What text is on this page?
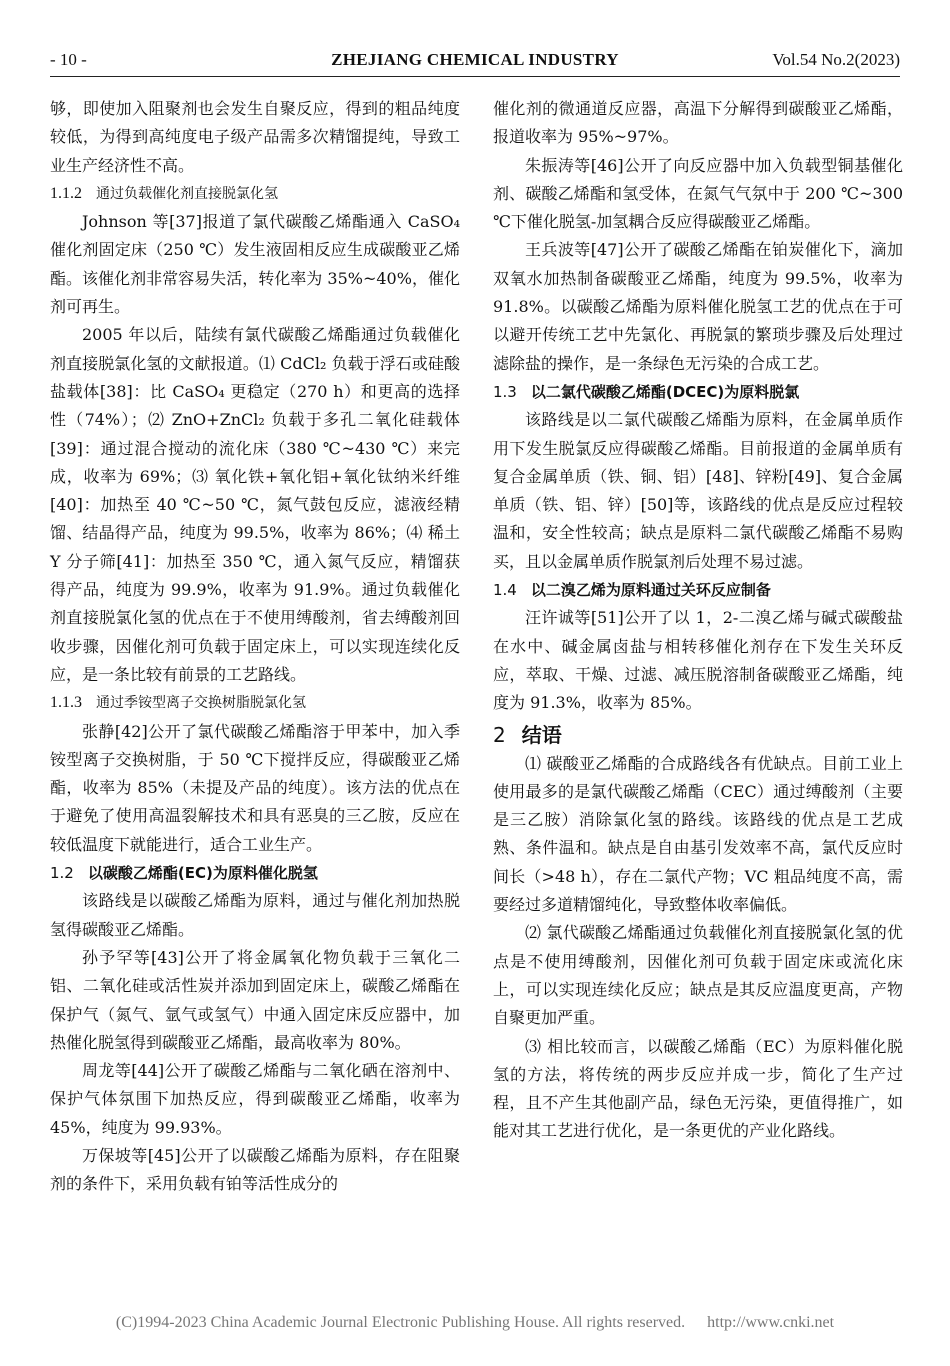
- 10 -	ZHEJIANG CHEMICAL INDUSTRY	Vol.54 No.2(2023)

够，即使加入阻聚剂也会发生自聚反应，得到的粗品纯度较低，为得到高纯度电子级产品需多次精馏提纯，导致工业生产经济性不高。

1.1.2 通过负载催化剂直接脱氯化氢

Johnson 等[37]报道了氯代碳酸乙烯酯通入 CaSO₄ 催化剂固定床（250 ℃）发生液固相反应生成碳酸亚乙烯酯。该催化剂非常容易失活，转化率为 35%~40%，催化剂可再生。

2005 年以后，陆续有氯代碳酸乙烯酯通过负载催化剂直接脱氯化氢的文献报道。⑴ CdCl₂ 负载于浮石或硅酸盐载体[38]：比 CaSO₄ 更稳定（270 h）和更高的选择性（74%）；⑵ ZnO+ZnCl₂ 负载于多孔二氧化硅载体[39]：通过混合搅动的流化床（380 ℃~430 ℃）来完成，收率为 69%；⑶ 氧化铁+氧化铝+氧化钛纳米纤维[40]：加热至 40 ℃~50 ℃，氮气鼓包反应，滤液经精馏、结晶得产品，纯度为 99.5%，收率为 86%；⑷ 稀土 Y 分子筛[41]：加热至 350 ℃，通入氮气反应，精馏获得产品，纯度为 99.9%，收率为 91.9%。通过负载催化剂直接脱氯化氢的优点在于不使用缚酸剂，省去缚酸剂回收步骤，因催化剂可负载于固定床上，可以实现连续化反应，是一条比较有前景的工艺路线。

1.1.3 通过季铵型离子交换树脂脱氯化氢

张静[42]公开了氯代碳酸乙烯酯溶于甲苯中，加入季铵型离子交换树脂，于 50 ℃下搅拌反应，得碳酸亚乙烯酯，收率为 85%（未提及产品的纯度）。该方法的优点在于避免了使用高温裂解技术和具有恶臭的三乙胺，反应在较低温度下就能进行，适合工业生产。

1.2 以碳酸乙烯酯(EC)为原料催化脱氢

该路线是以碳酸乙烯酯为原料，通过与催化剂加热脱氢得碳酸亚乙烯酯。

孙予罕等[43]公开了将金属氧化物负载于三氧化二铝、二氧化硅或活性炭并添加到固定床上，碳酸乙烯酯在保护气（氮气、氩气或氢气）中通入固定床反应器中，加热催化脱氢得到碳酸亚乙烯酯，最高收率为 80%。

周龙等[44]公开了碳酸乙烯酯与二氧化硒在溶剂中、保护气体氛围下加热反应，得到碳酸亚乙烯酯，收率为 45%，纯度为 99.93%。

万保坡等[45]公开了以碳酸乙烯酯为原料，存在阻聚剂的条件下，采用负载有铂等活性成分的

催化剂的微通道反应器，高温下分解得到碳酸亚乙烯酯，报道收率为 95%~97%。

朱振涛等[46]公开了向反应器中加入负载型铜基催化剂、碳酸乙烯酯和氢受体，在氮气气氛中于 200 ℃~300 ℃下催化脱氢-加氢耦合反应得碳酸亚乙烯酯。

王兵波等[47]公开了碳酸乙烯酯在铂炭催化下，滴加双氧水加热制备碳酸亚乙烯酯，纯度为 99.5%，收率为 91.8%。以碳酸乙烯酯为原料催化脱氢工艺的优点在于可以避开传统工艺中先氯化、再脱氯的繁琐步骤及后处理过滤除盐的操作，是一条绿色无污染的合成工艺。

1.3 以二氯代碳酸乙烯酯(DCEC)为原料脱氯

该路线是以二氯代碳酸乙烯酯为原料，在金属单质作用下发生脱氯反应得碳酸乙烯酯。目前报道的金属单质有复合金属单质（铁、铜、铝）[48]、锌粉[49]、复合金属单质（铁、铝、锌）[50]等，该路线的优点是反应过程较温和，安全性较高；缺点是原料二氯代碳酸乙烯酯不易购买，且以金属单质作脱氯剂后处理不易过滤。

1.4 以二溴乙烯为原料通过关环反应制备

汪许诚等[51]公开了以 1，2-二溴乙烯与碱式碳酸盐在水中、碱金属卤盐与相转移催化剂存在下发生关环反应，萃取、干燥、过滤、减压脱溶制备碳酸亚乙烯酯，纯度为 91.3%，收率为 85%。

2 结语

⑴ 碳酸亚乙烯酯的合成路线各有优缺点。目前工业上使用最多的是氯代碳酸乙烯酯（CEC）通过缚酸剂（主要是三乙胺）消除氯化氢的路线。该路线的优点是工艺成熟、条件温和。缺点是自由基引发效率不高，氯代反应时间长（>48 h），存在二氯代产物；VC 粗品纯度不高，需要经过多道精馏纯化，导致整体收率偏低。

⑵ 氯代碳酸乙烯酯通过负载催化剂直接脱氯化氢的优点是不使用缚酸剂，因催化剂可负载于固定床或流化床上，可以实现连续化反应；缺点是其反应温度更高，产物自聚更加严重。

⑶ 相比较而言，以碳酸乙烯酯（EC）为原料催化脱氢的方法，将传统的两步反应并成一步，简化了生产过程，且不产生其他副产品，绿色无污染，更值得推广，如能对其工艺进行优化，是一条更优的产业化路线。

(C)1994-2023 China Academic Journal Electronic Publishing House. All rights reserved. http://www.cnki.net
